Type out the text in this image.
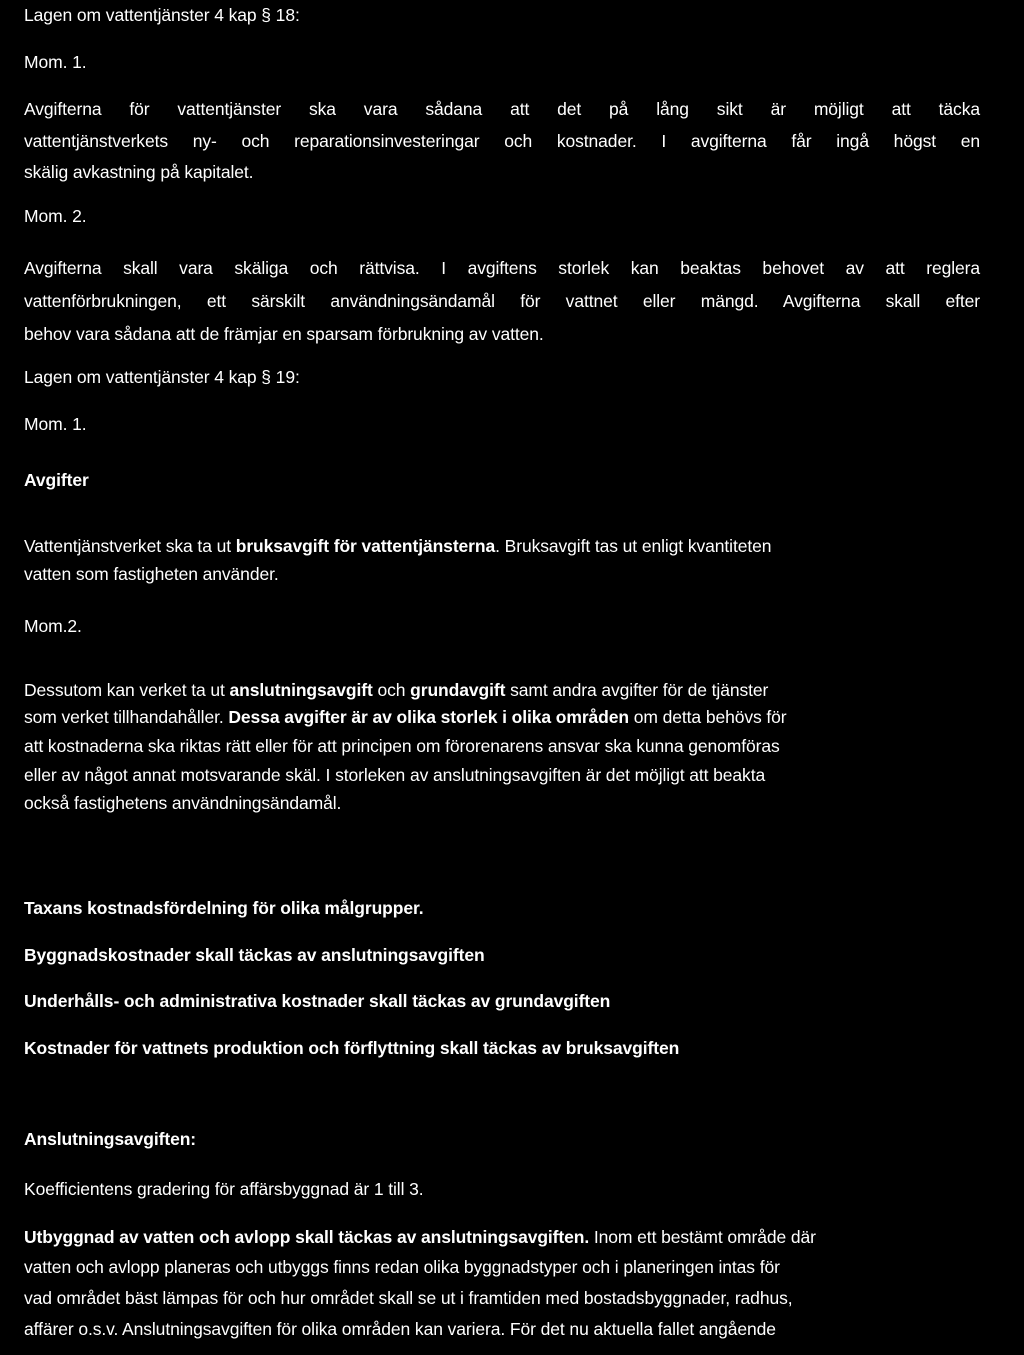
Lagen om vattentjänster 4 kap § 18:

Mom. 1.

Avgifterna för vattentjänster ska vara sådana att det på lång sikt är möjligt att täcka

vattentjänstverkets ny- och reparationsinvesteringar och kostnader. I avgifterna får ingå högst en

skälig avkastning på kapitalet.

Mom. 2.

Avgifterna skall vara skäliga och rättvisa. I avgiftens storlek kan beaktas behovet av att reglera

vattenförbrukningen, ett särskilt användningsändamål för vattnet eller mängd. Avgifterna skall efter

behov vara sådana att de främjar en sparsam förbrukning av vatten.

Lagen om vattentjänster 4 kap § 19:

Mom. 1.

Avgifter

Vattentjänstverket ska ta ut bruksavgift för vattentjänsterna. Bruksavgift tas ut enligt kvantiteten

vatten som fastigheten använder.

Mom.2.

Dessutom kan verket ta ut anslutningsavgift och grundavgift samt andra avgifter för de tjänster

som verket tillhandahåller. Dessa avgifter är av olika storlek i olika områden om detta behövs för

att kostnaderna ska riktas rätt eller för att principen om förorenarens ansvar ska kunna genomföras

eller av något annat motsvarande skäl. I storleken av anslutningsavgiften är det möjligt att beakta

också fastighetens användningsändamål.

Taxans kostnadsfördelning för olika målgrupper.

Byggnadskostnader skall täckas av anslutningsavgiften

Underhålls- och administrativa kostnader skall täckas av grundavgiften

Kostnader för vattnets produktion och förflyttning skall täckas av bruksavgiften

Anslutningsavgiften:

Koefficientens gradering för affärsbyggnad är 1 till 3.

Utbyggnad av vatten och avlopp skall täckas av anslutningsavgiften. Inom ett bestämt område där

vatten och avlopp planeras och utbyggs finns redan olika byggnadstyper och i planeringen intas för

vad området bäst lämpas för och hur området skall se ut i framtiden med bostadsbyggnader, radhus,

affärer o.s.v. Anslutningsavgiften för olika områden kan variera. För det nu aktuella fallet angående
